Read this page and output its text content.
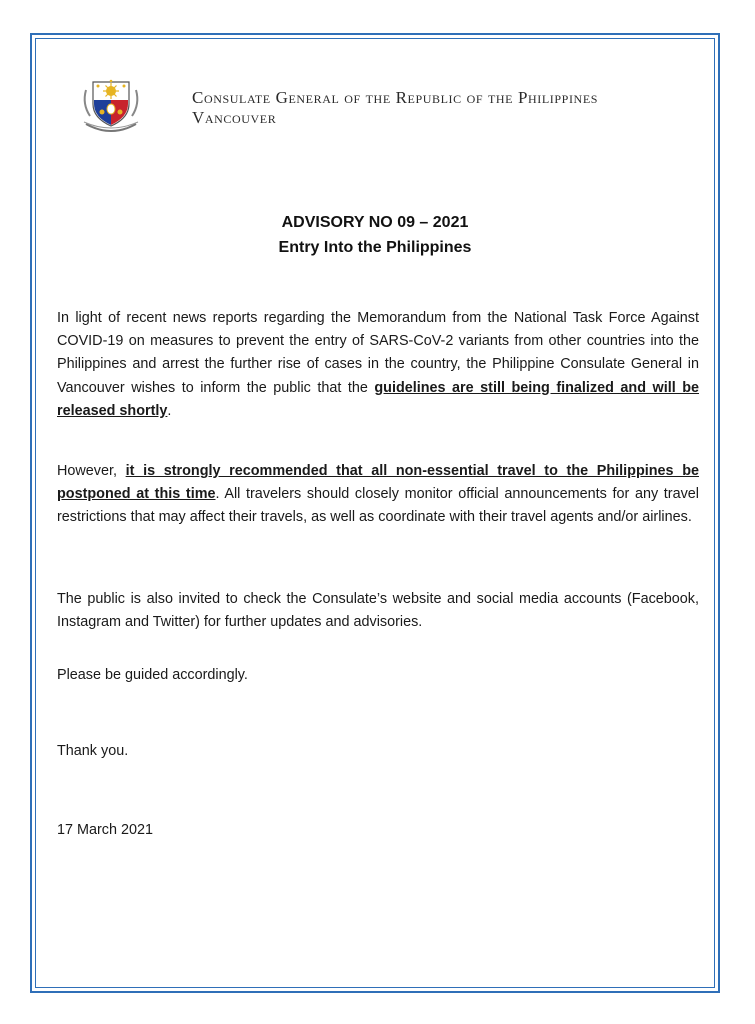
Consulate General of the Republic of the Philippines
Vancouver
ADVISORY NO 09 – 2021
Entry Into the Philippines

In light of recent news reports regarding the Memorandum from the National Task Force Against COVID-19 on measures to prevent the entry of SARS-CoV-2 variants from other countries into the Philippines and arrest the further rise of cases in the country, the Philippine Consulate General in Vancouver wishes to inform the public that the guidelines are still being finalized and will be released shortly.

However, it is strongly recommended that all non-essential travel to the Philippines be postponed at this time. All travelers should closely monitor official announcements for any travel restrictions that may affect their travels, as well as coordinate with their travel agents and/or airlines.

The public is also invited to check the Consulate’s website and social media accounts (Facebook, Instagram and Twitter) for further updates and advisories.

Please be guided accordingly.

Thank you.

17 March 2021
